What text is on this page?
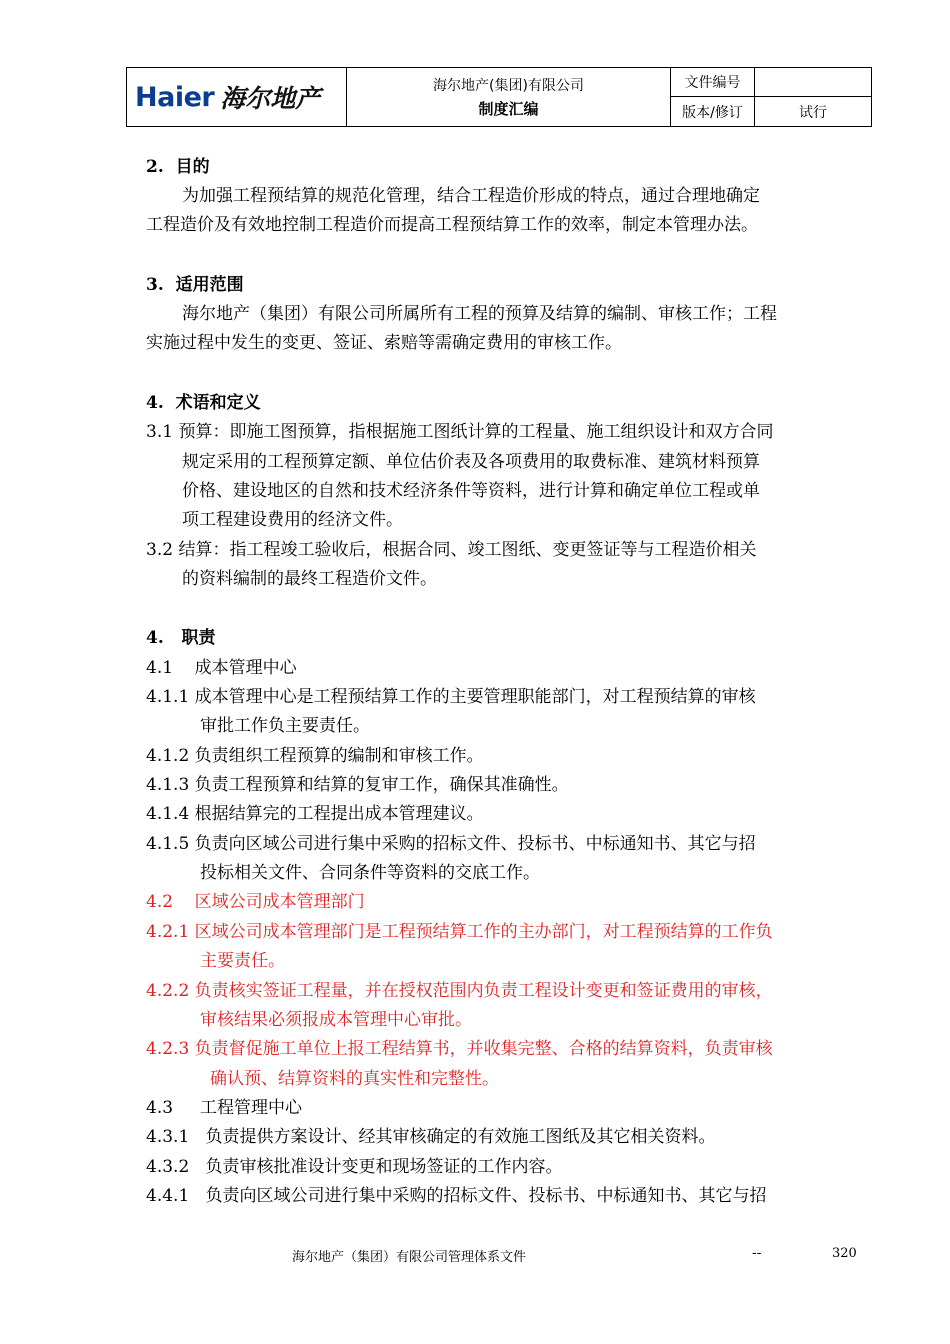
Haier 海尔地产	海尔地产(集团)有限公司
制度汇编
文件编号
版本/修订	试行
2.  目的
为加强工程预结算的规范化管理，结合工程造价形成的特点，通过合理地确定
工程造价及有效地控制工程造价而提高工程预结算工作的效率，制定本管理办法。
3.  适用范围
海尔地产（集团）有限公司所属所有工程的预算及结算的编制、审核工作；工程
实施过程中发生的变更、签证、索赔等需确定费用的审核工作。
4.  术语和定义
3.1 预算：即施工图预算，指根据施工图纸计算的工程量、施工组织设计和双方合同
规定采用的工程预算定额、单位估价表及各项费用的取费标准、建筑材料预算
价格、建设地区的自然和技术经济条件等资料，进行计算和确定单位工程或单
项工程建设费用的经济文件。
3.2 结算：指工程竣工验收后，根据合同、竣工图纸、变更签证等与工程造价相关
的资料编制的最终工程造价文件。
4.   职责
4.1    成本管理中心
4.1.1 成本管理中心是工程预结算工作的主要管理职能部门，对工程预结算的审核
审批工作负主要责任。
4.1.2 负责组织工程预算的编制和审核工作。
4.1.3 负责工程预算和结算的复审工作，确保其准确性。
4.1.4 根据结算完的工程提出成本管理建议。
4.1.5 负责向区域公司进行集中采购的招标文件、投标书、中标通知书、其它与招
投标相关文件、合同条件等资料的交底工作。
4.2    区域公司成本管理部门
4.2.1 区域公司成本管理部门是工程预结算工作的主办部门，对工程预结算的工作负
主要责任。
4.2.2 负责核实签证工程量，并在授权范围内负责工程设计变更和签证费用的审核，
审核结果必须报成本管理中心审批。
4.2.3 负责督促施工单位上报工程结算书，并收集完整、合格的结算资料，负责审核
确认预、结算资料的真实性和完整性。
4.3     工程管理中心
4.3.1   负责提供方案设计、经其审核确定的有效施工图纸及其它相关资料。
4.3.2   负责审核批准设计变更和现场签证的工作内容。
4.4.1   负责向区域公司进行集中采购的招标文件、投标书、中标通知书、其它与招
海尔地产（集团）有限公司管理体系文件	--	320
